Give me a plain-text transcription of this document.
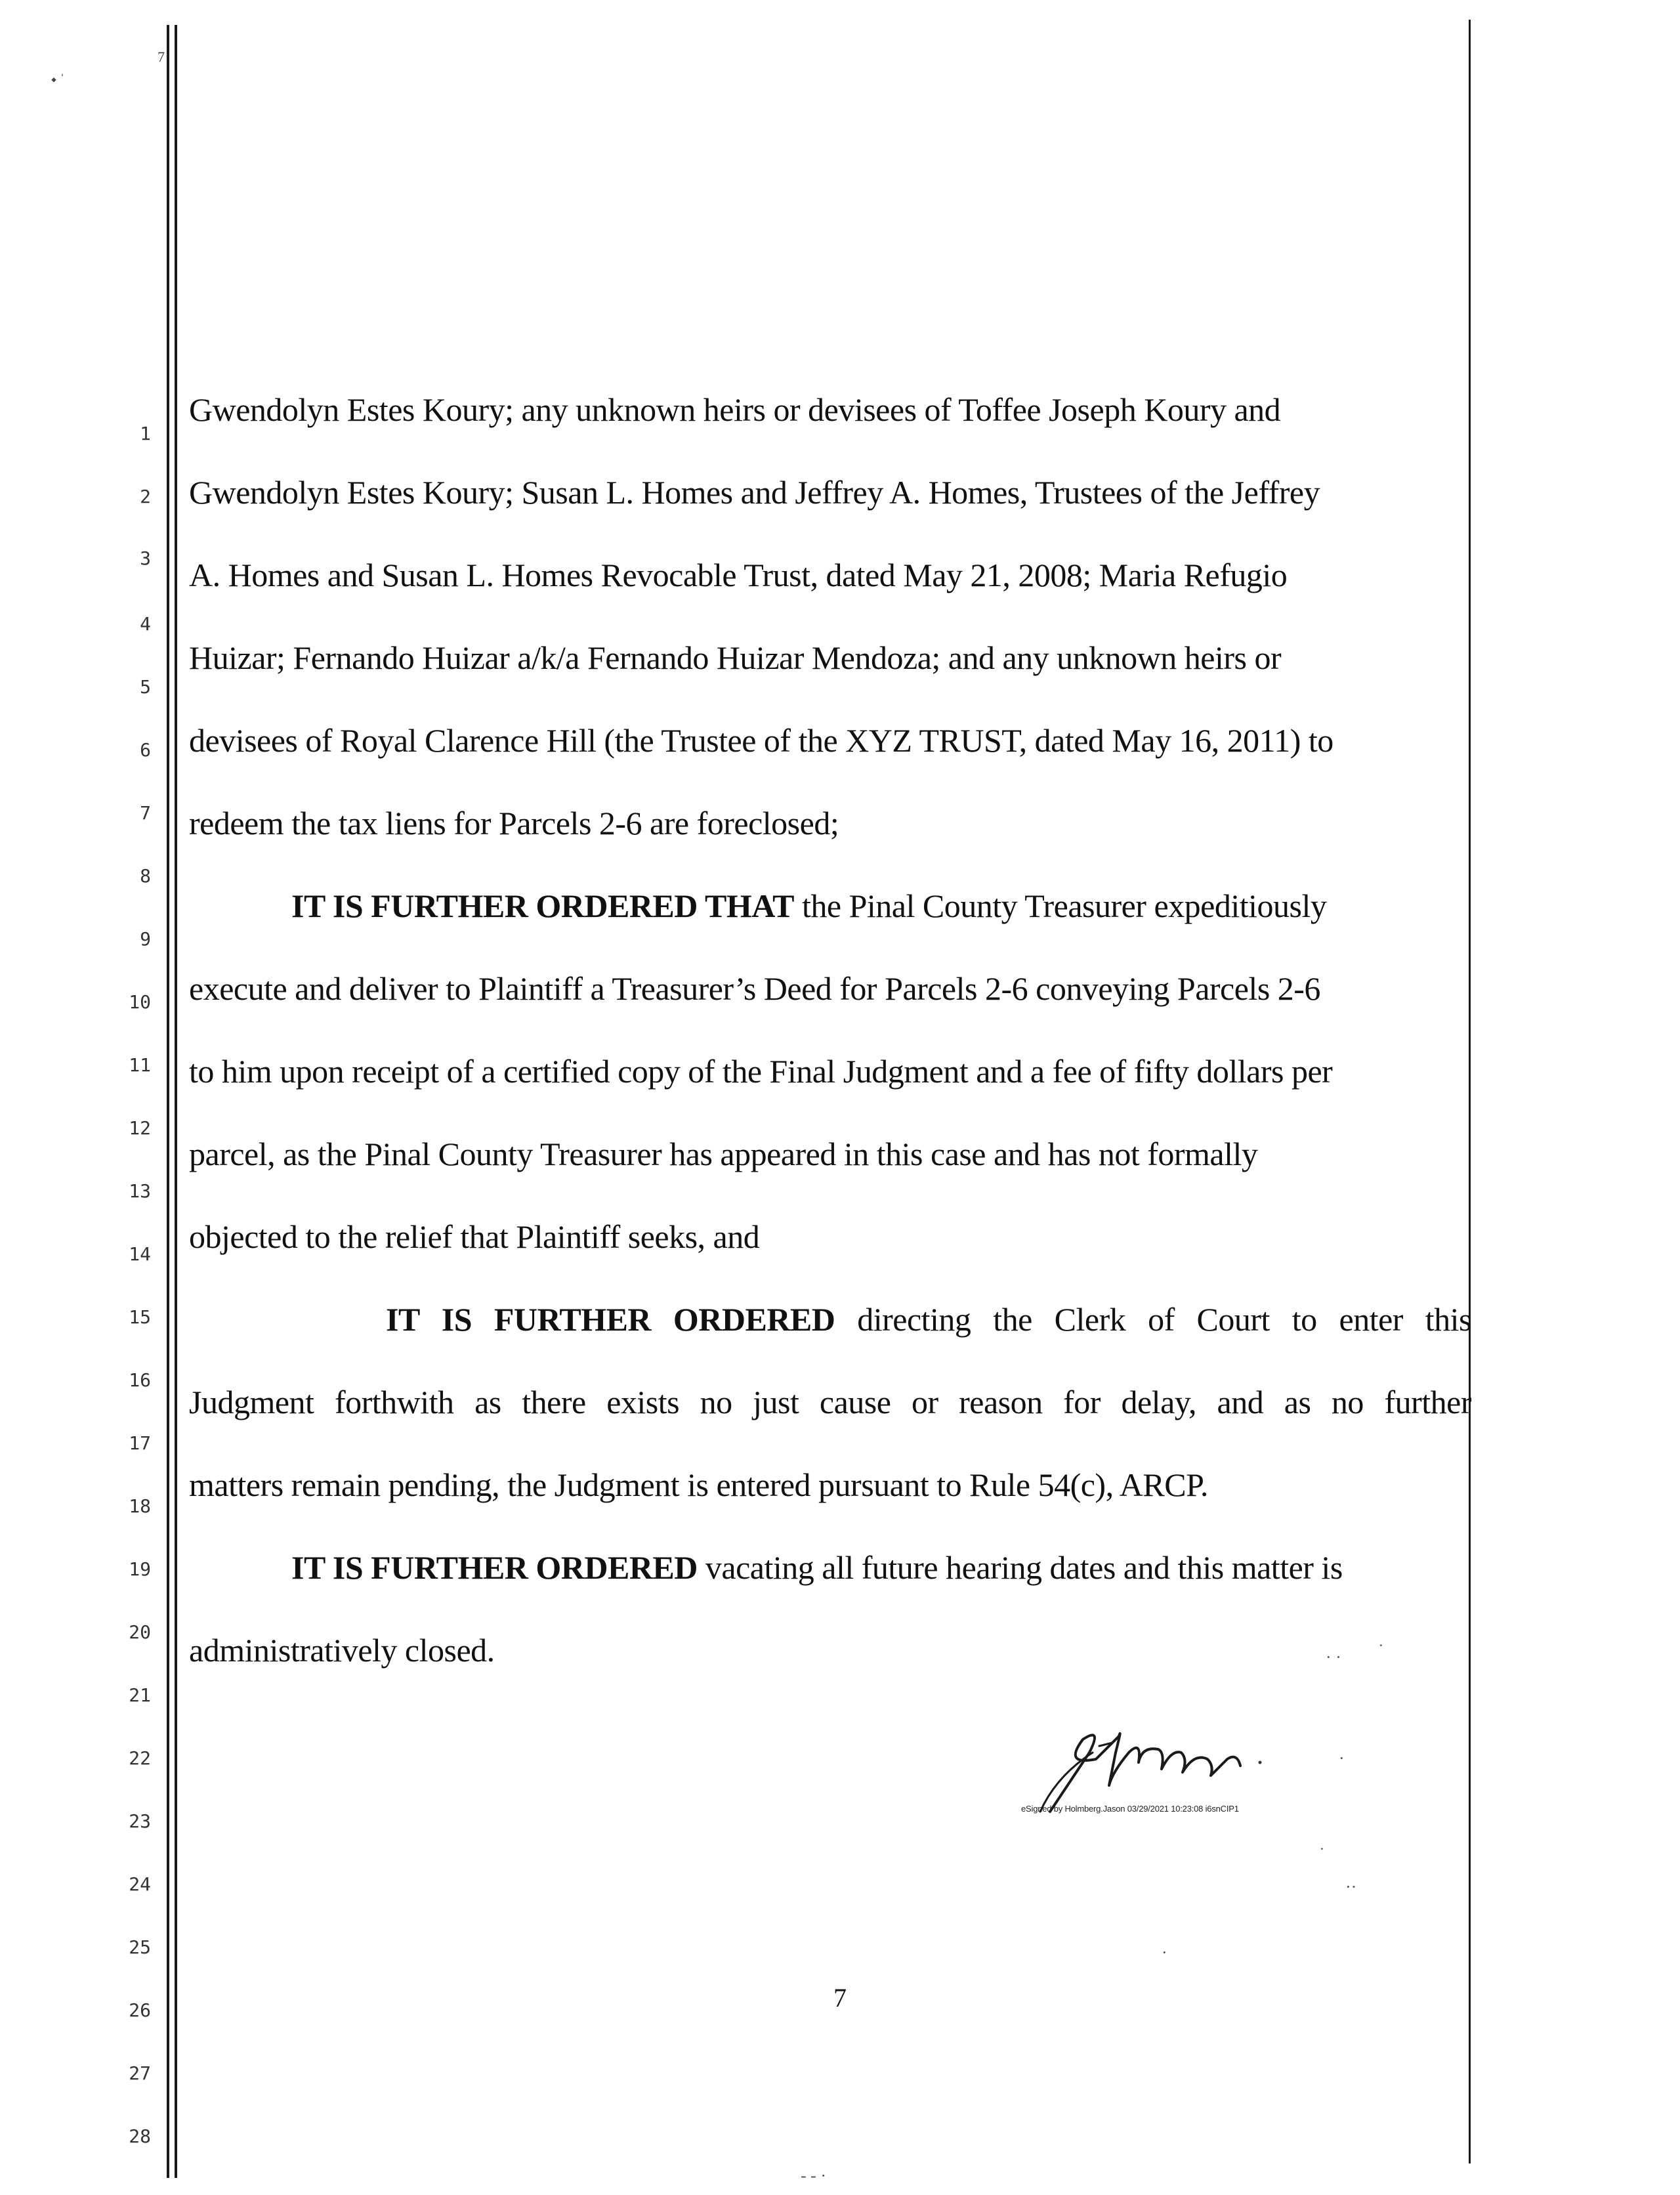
⬩ ˈ
7
1
2
3
4
5
6
7
8
9
10
11
12
13
14
15
16
17
18
19
20
21
22
23
24
25
26
27
28
Gwendolyn Estes Koury; any unknown heirs or devisees of Toffee Joseph Koury and
Gwendolyn Estes Koury; Susan L. Homes and Jeffrey A. Homes, Trustees of the Jeffrey
A. Homes and Susan L. Homes Revocable Trust, dated May 21, 2008; Maria Refugio
Huizar; Fernando Huizar a/k/a Fernando Huizar Mendoza; and any unknown heirs or
devisees of Royal Clarence Hill (the Trustee of the XYZ TRUST, dated May 16, 2011) to
redeem the tax liens for Parcels 2-6 are foreclosed;
IT IS FURTHER ORDERED THAT the Pinal County Treasurer expeditiously
execute and deliver to Plaintiff a Treasurer’s Deed for Parcels 2-6 conveying Parcels 2-6
to him upon receipt of a certified copy of the Final Judgment and a fee of fifty dollars per
parcel, as the Pinal County Treasurer has appeared in this case and has not formally
objected to the relief that Plaintiff seeks, and
IT IS FURTHER ORDERED directing the Clerk of Court to enter this
Judgment forthwith as there exists no just cause or reason for delay, and as no further
matters remain pending, the Judgment is entered pursuant to Rule 54(c), ARCP.
IT IS FURTHER ORDERED vacating all future hearing dates and this matter is
administratively closed.	· · ˙
·
˙
··
·
- - ·
eSigned by Holmberg.Jason 03/29/2021 10:23:08 i6snCIP1
7
